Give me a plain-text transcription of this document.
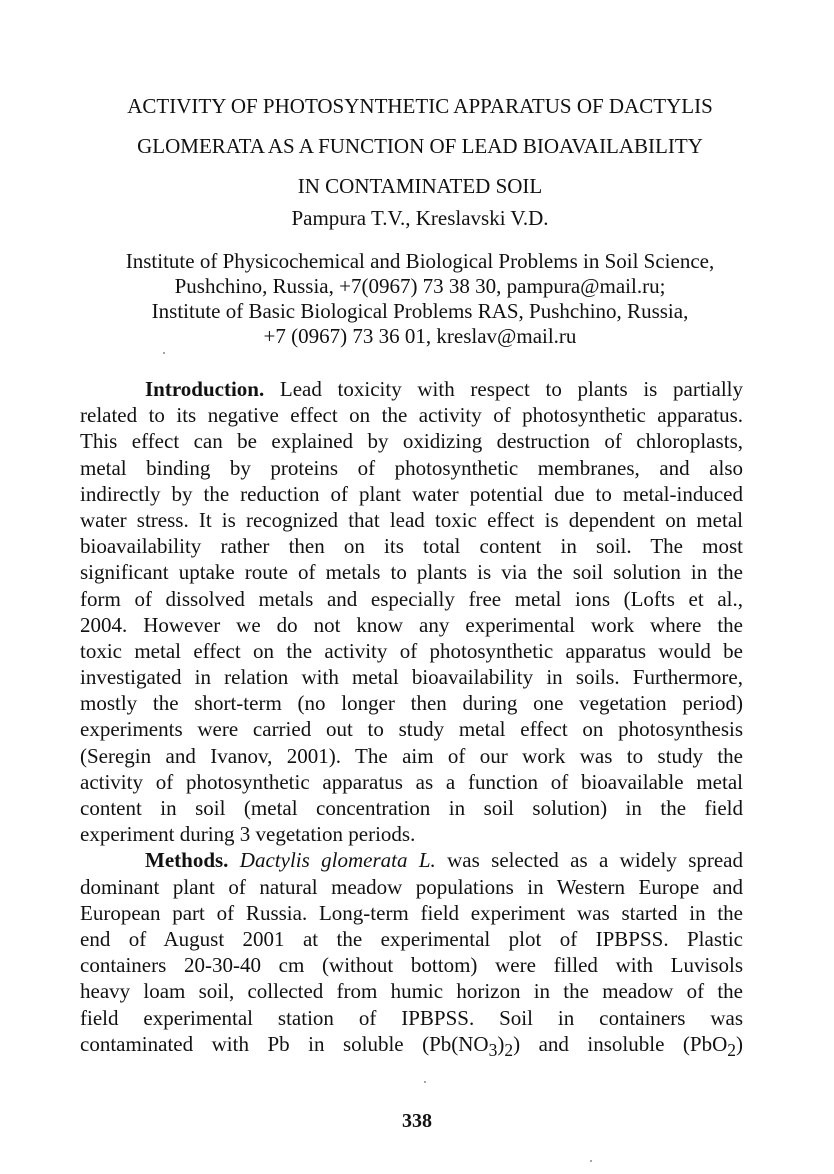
ACTIVITY OF PHOTOSYNTHETIC APPARATUS OF DACTYLIS
GLOMERATA AS A FUNCTION OF LEAD BIOAVAILABILITY
IN CONTAMINATED SOIL
Pampura T.V., Kreslavski V.D.
Institute of Physicochemical and Biological Problems in Soil Science,
Pushchino, Russia, +7(0967) 73 38 30, pampura@mail.ru;
Institute of Basic Biological Problems RAS, Pushchino, Russia,
+7 (0967) 73 36 01, kreslav@mail.ru
Introduction. Lead toxicity with respect to plants is partially
related to its negative effect on the activity of photosynthetic apparatus.
This effect can be explained by oxidizing destruction of chloroplasts,
metal binding by proteins of photosynthetic membranes, and also
indirectly by the reduction of plant water potential due to metal-induced
water stress. It is recognized that lead toxic effect is dependent on metal
bioavailability rather then on its total content in soil. The most
significant uptake route of metals to plants is via the soil solution in the
form of dissolved metals and especially free metal ions (Lofts et al.,
2004. However we do not know any experimental work where the
toxic metal effect on the activity of photosynthetic apparatus would be
investigated in relation with metal bioavailability in soils. Furthermore,
mostly the short-term (no longer then during one vegetation period)
experiments were carried out to study metal effect on photosynthesis
(Seregin and Ivanov, 2001). The aim of our work was to study the
activity of photosynthetic apparatus as a function of bioavailable metal
content in soil (metal concentration in soil solution) in the field
experiment during 3 vegetation periods.
Methods. Dactylis glomerata L. was selected as a widely spread
dominant plant of natural meadow populations in Western Europe and
European part of Russia. Long-term field experiment was started in the
end of August 2001 at the experimental plot of IPBPSS. Plastic
containers 20-30-40 cm (without bottom) were filled with Luvisols
heavy loam soil, collected from humic horizon in the meadow of the
field experimental station of IPBPSS. Soil in containers was
contaminated with Pb in soluble $(Pb(NO_3)_2)$ and insoluble (PbO$_2$)
338
